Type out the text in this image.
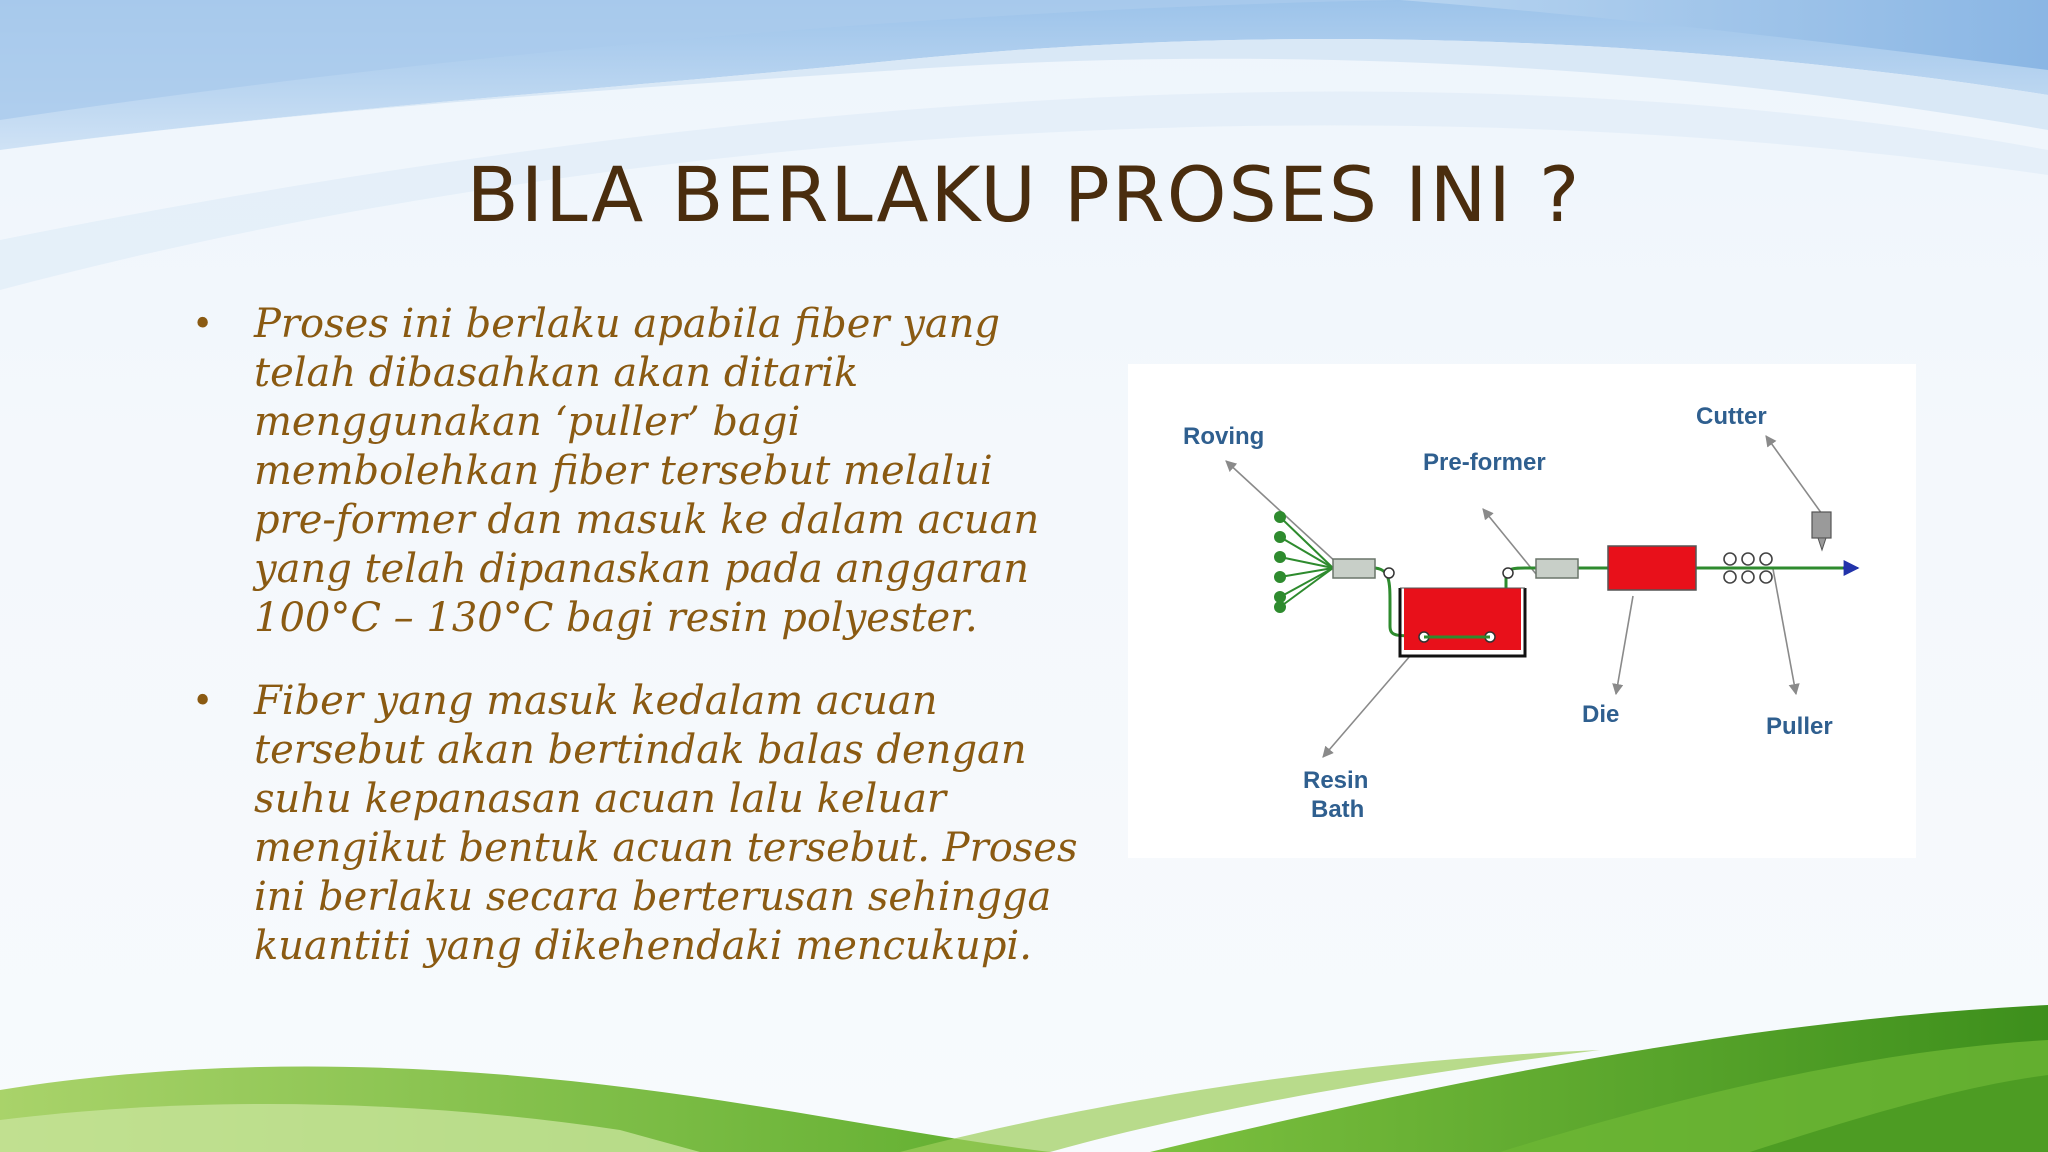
BILA BERLAKU PROSES INI ?
• Proses ini berlaku apabila fiber yang
telah dibasahkan akan ditarik
menggunakan ‘puller’ bagi
membolehkan fiber tersebut melalui
pre-former dan masuk ke dalam acuan
yang telah dipanaskan pada anggaran
100°C – 130°C bagi resin polyester.
• Fiber yang masuk kedalam acuan
tersebut akan bertindak balas dengan
suhu kepanasan acuan lalu keluar
mengikut bentuk acuan tersebut. Proses
ini berlaku secara berterusan sehingga
kuantiti yang dikehendaki mencukupi.
Roving
Pre-former
Cutter
Die	Puller
Resin
Bath
